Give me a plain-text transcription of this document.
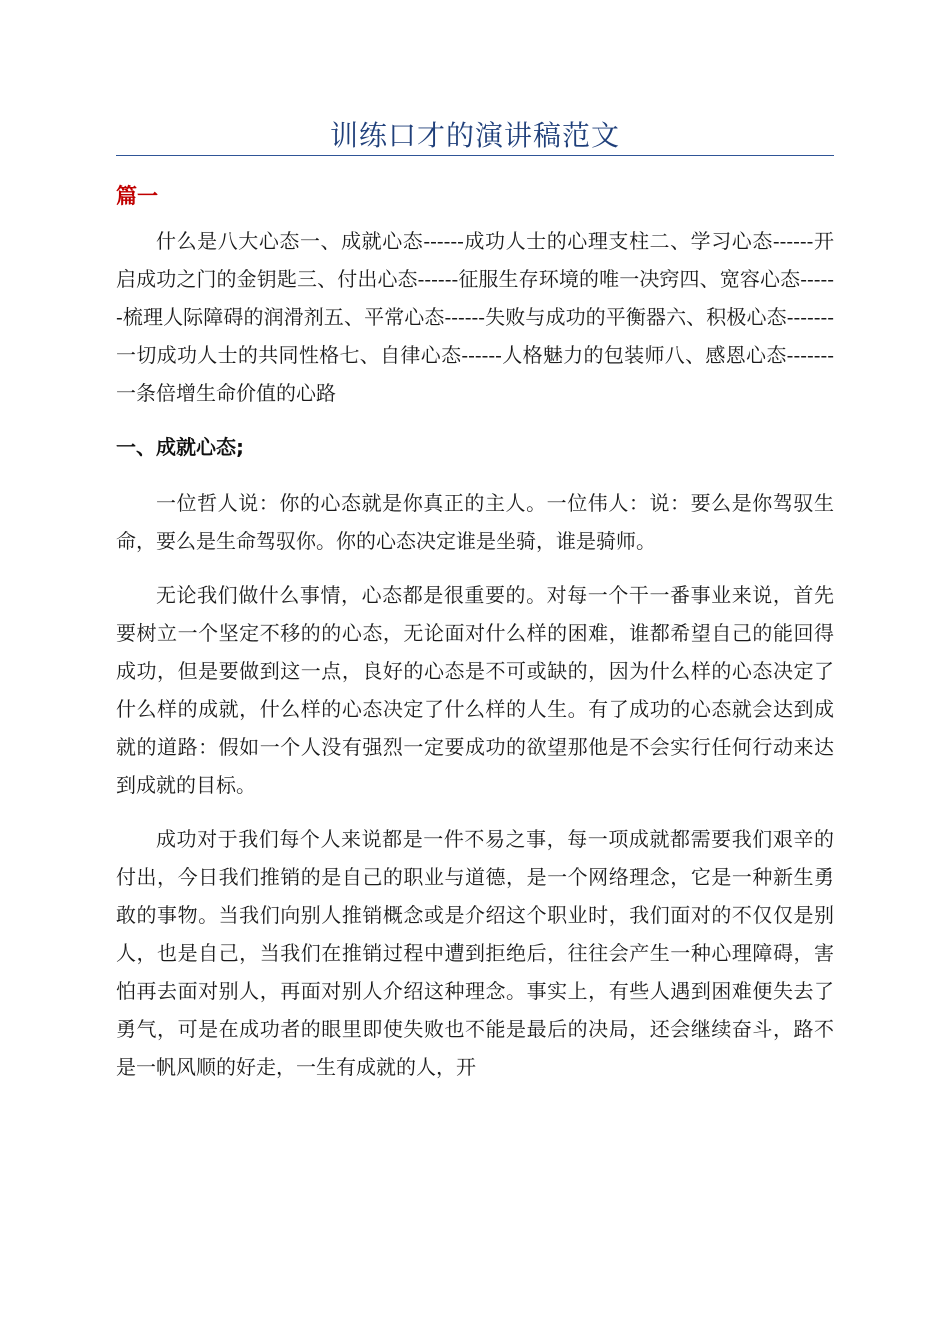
训练口才的演讲稿范文
篇一

什么是八大心态一、成就心态------成功人士的心理支柱二、学习心态------开启成功之门的金钥匙三、付出心态------征服生存环境的唯一决窍四、宽容心态------梳理人际障碍的润滑剂五、平常心态------失败与成功的平衡器六、积极心态-------一切成功人士的共同性格七、自律心态------人格魅力的包装师八、感恩心态-------一条倍增生命价值的心路

一、成就心态;

一位哲人说：你的心态就是你真正的主人。一位伟人：说：要么是你驾驭生命，要么是生命驾驭你。你的心态决定谁是坐骑，谁是骑师。

无论我们做什么事情，心态都是很重要的。对每一个干一番事业来说，首先要树立一个坚定不移的的心态，无论面对什么样的困难，谁都希望自己的能回得成功，但是要做到这一点，良好的心态是不可或缺的，因为什么样的心态决定了什么样的成就，什么样的心态决定了什么样的人生。有了成功的心态就会达到成就的道路：假如一个人没有强烈一定要成功的欲望那他是不会实行任何行动来达到成就的目标。

成功对于我们每个人来说都是一件不易之事，每一项成就都需要我们艰辛的付出，今日我们推销的是自己的职业与道德，是一个网络理念，它是一种新生勇敢的事物。当我们向别人推销概念或是介绍这个职业时，我们面对的不仅仅是别人，也是自己，当我们在推销过程中遭到拒绝后，往往会产生一种心理障碍，害怕再去面对别人，再面对别人介绍这种理念。事实上，有些人遇到困难便失去了勇气，可是在成功者的眼里即使失败也不能是最后的决局，还会继续奋斗，路不是一帆风顺的好走，一生有成就的人，开
